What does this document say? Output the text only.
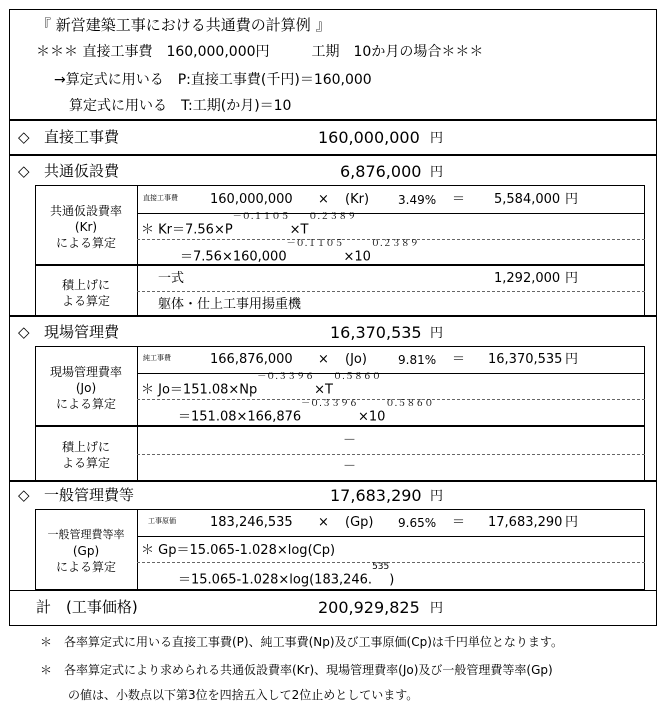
『 新営建築工事における共通費の計算例 』
＊＊＊ 直接工事費　160,000,000円　　　工期　10か月の場合＊＊＊
→算定式に用いる　P:直接工事費(千円)＝160,000
算定式に用いる　T:工期(か月)＝10
◇ 直接工事費	160,000,000 円
◇ 共通仮設費	6,876,000 円
共通仮設費率
(Kr)
による算定
直接工事費 160,000,000 × (Kr) 3.49% ＝ 5,584,000 円
＊ $Kr=7.56\times P^{-0.1105}\times T^{0.2389}$
$=7.56\times 160,000^{-0.1105}\times 10^{0.2389}$
積上げに
よる算定
一式	1,292,000 円
躯体・仕上工事用揚重機
◇ 現場管理費	16,370,535 円
現場管理費率
(Jo)
による算定
純工事費	166,876,000 × (Jo)	9.81% ＝ 16,370,535 円
＊ $Jo=151.08\times Np^{-0.3396}\times T^{0.5860}$
$=151.08\times 166,876^{-0.3396}\times 10^{0.5860}$
積上げに
よる算定
－
－
◇ 一般管理費等	17,683,290 円
一般管理費等率
(Gp)
による算定
工事原価	183,246,535 × (Gp) 9.65% ＝ 17,683,290 円
＊ Gp＝15.065-1.028×log(Cp)
＝15.065-1.028×log(183,246.$^{535}$)
計　(工事価格)	200,929,825 円
＊　各率算定式に用いる直接工事費(P)、純工事費(Np)及び工事原価(Cp)は千円単位となります。
＊　各率算定式により求められる共通仮設費率(Kr)、現場管理費率(Jo)及び一般管理費等率(Gp)
の値は、小数点以下第3位を四捨五入して2位止めとしています。
